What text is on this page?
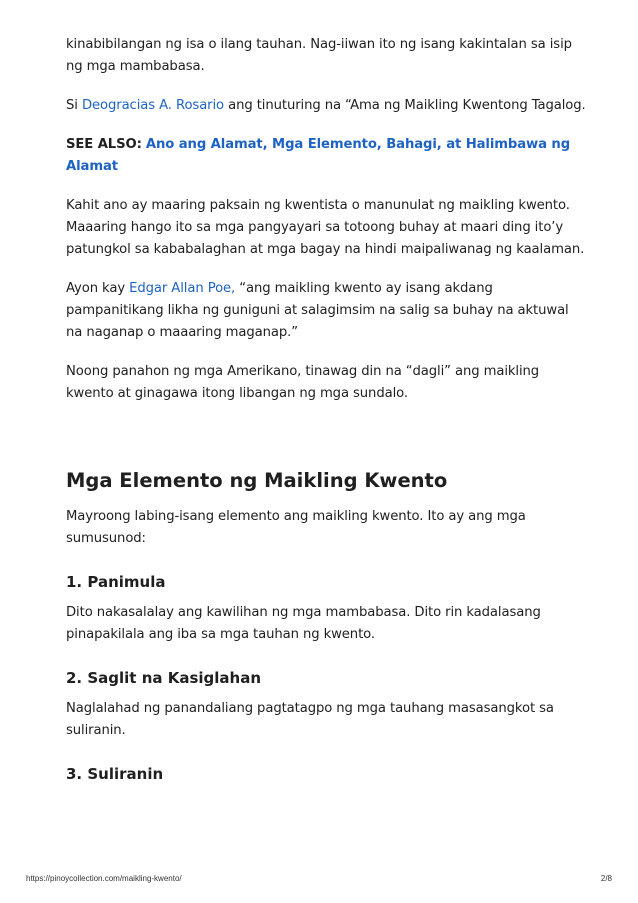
kinabibilangan ng isa o ilang tauhan. Nag-iiwan ito ng isang kakintalan sa isip ng mga mambabasa.

Si Deogracias A. Rosario ang tinuturing na “Ama ng Maikling Kwentong Tagalog.

SEE ALSO: Ano ang Alamat, Mga Elemento, Bahagi, at Halimbawa ng Alamat

Kahit ano ay maaring paksain ng kwentista o manunulat ng maikling kwento. Maaaring hango ito sa mga pangyayari sa totoong buhay at maari ding ito’y patungkol sa kababalaghan at mga bagay na hindi maipaliwanag ng kaalaman.

Ayon kay Edgar Allan Poe, “ang maikling kwento ay isang akdang pampanitikang likha ng guniguni at salagimsim na salig sa buhay na aktuwal na naganap o maaaring maganap.”

Noong panahon ng mga Amerikano, tinawag din na “dagli” ang maikling kwento at ginagawa itong libangan ng mga sundalo.

Mga Elemento ng Maikling Kwento

Mayroong labing-isang elemento ang maikling kwento. Ito ay ang mga sumusunod:

1. Panimula

Dito nakasalalay ang kawilihan ng mga mambabasa. Dito rin kadalasang pinapakilala ang iba sa mga tauhan ng kwento.

2. Saglit na Kasiglahan

Naglalahad ng panandaliang pagtatagpo ng mga tauhang masasangkot sa suliranin.

3. Suliranin
https://pinoycollection.com/maikling-kwento/	2/8
